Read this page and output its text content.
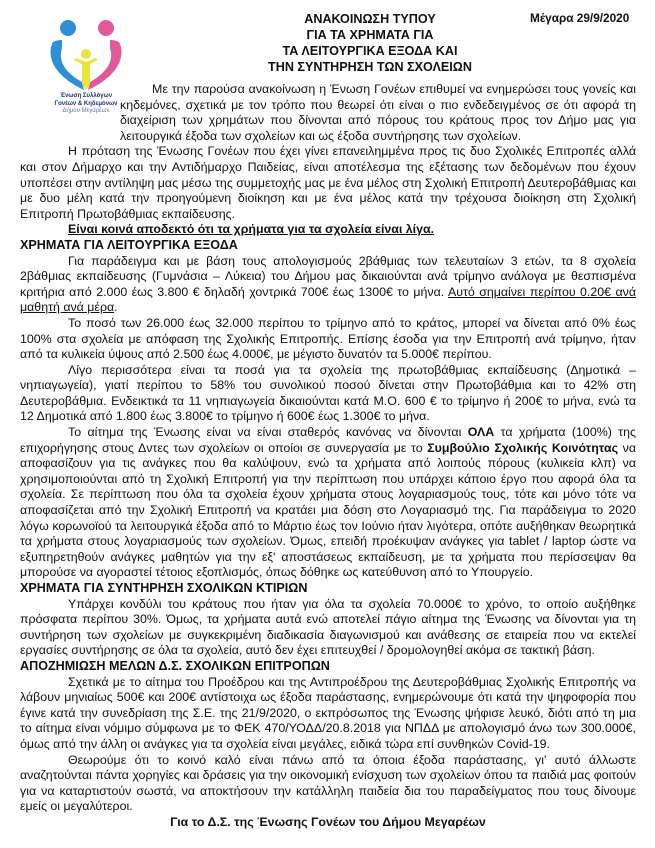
Ένωση Συλλόγων
Γονέων & Κηδεμόνων
Δήμου Μεγαρέων
ΑΝΑΚΟΙΝΩΣΗ ΤΥΠΟΥ
ΓΙΑ ΤΑ ΧΡΗΜΑΤΑ ΓΙΑ
ΤΑ ΛΕΙΤΟΥΡΓΙΚΑ ΕΞΟΔΑ ΚΑΙ
ΤΗΝ ΣΥΝΤΗΡΗΣΗ ΤΩΝ ΣΧΟΛΕΙΩΝ
Μέγαρα 29/9/2020

Με την παρούσα ανακοίνωση η Ένωση Γονέων επιθυμεί να ενημερώσει τους γονείς και κηδεμόνες, σχετικά με τον τρόπο που θεωρεί ότι είναι ο πιο ενδεδειγμένος σε ότι αφορά τη διαχείριση των χρημάτων που δίνονται από πόρους του κράτους προς τον Δήμο μας για λειτουργικά έξοδα των σχολείων και ως έξοδα συντήρησης των σχολείων.

Η πρόταση της Ένωσης Γονέων που έχει γίνει επανειλημμένα προς τις δυο Σχολικές Επιτροπές αλλά και στον Δήμαρχο και την Αντιδήμαρχο Παιδείας, είναι αποτέλεσμα της εξέτασης των δεδομένων που έχουν υποπέσει στην αντίληψη μας μέσω της συμμετοχής μας με ένα μέλος στη Σχολική Επιτροπή Δευτεροβάθμιας και με δυο μέλη κατά την προηγούμενη διοίκηση και με ένα μέλος κατά την τρέχουσα διοίκηση στη Σχολική Επιτροπή Πρωτοβάθμιας εκπαίδευσης.

Είναι κοινά αποδεκτό ότι τα χρήματα για τα σχολεία είναι λίγα.

ΧΡΗΜΑΤΑ ΓΙΑ ΛΕΙΤΟΥΡΓΙΚΑ ΕΞΟΔΑ

Για παράδειγμα και με βάση τους απολογισμούς 2βάθμιας των τελευταίων 3 ετών, τα 8 σχολεία 2βάθμιας εκπαίδευσης (Γυμνάσια – Λύκεια) του Δήμου μας δικαιούνται ανά τρίμηνο ανάλογα με θεσπισμένα κριτήρια από 2.000 έως 3.800 € δηλαδή χοντρικά 700€ έως 1300€ το μήνα. Αυτό σημαίνει περίπου 0.20€ ανά μαθητή ανά μέρα.

Το ποσό των 26.000 έως 32.000 περίπου το τρίμηνο από το κράτος, μπορεί να δίνεται από 0% έως 100% στα σχολεία με απόφαση της Σχολικής Επιτροπής. Επίσης έσοδα για την Επιτροπή ανά τρίμηνο, ήταν από τα κυλικεία ύψους από 2.500 έως 4.000€, με μέγιστο δυνατόν τα 5.000€ περίπου.

Λίγο περισσότερα είναι τα ποσά για τα σχολεία της πρωτοβάθμιας εκπαίδευσης (Δημοτικά – νηπιαγωγεία), γιατί περίπου το 58% του συνολικού ποσού δίνεται στην Πρωτοβάθμια και το 42% στη Δευτεροβάθμια. Ενδεικτικά τα 11 νηπιαγωγεία δικαιούνται κατά Μ.Ο. 600 € το τρίμηνο ή 200€ το μήνα, ενώ τα 12 Δημοτικά από 1.800 έως 3.800€ το τρίμηνο ή 600€ έως 1.300€ το μήνα.

Το αίτημα της Ένωσης είναι να είναι σταθερός κανόνας να δίνονται ΟΛΑ τα χρήματα (100%) της επιχορήγησης στους Δντες των σχολείων οι οποίοι σε συνεργασία με το Συμβούλιο Σχολικής Κοινότητας να αποφασίζουν για τις ανάγκες που θα καλύψουν, ενώ τα χρήματα από λοιπούς πόρους (κυλικεία κλπ) να χρησιμοποιούνται από τη Σχολική Επιτροπή για την περίπτωση που υπάρχει κάποιο έργο που αφορά όλα τα σχολεία. Σε περίπτωση που όλα τα σχολεία έχουν χρήματα στους λογαριασμούς τους, τότε και μόνο τότε να αποφασίζεται από την Σχολική Επιτροπή να κρατάει μια δόση στο Λογαριασμό της. Για παράδειγμα το 2020 λόγω κορωνοϊού τα λειτουργικά έξοδα από το Μάρτιο έως τον Ιούνιο ήταν λιγότερα, οπότε αυξήθηκαν θεωρητικά τα χρήματα στους λογαριασμούς των σχολείων. Όμως, επειδή προέκυψαν ανάγκες για tablet / laptop ώστε να εξυπηρετηθούν ανάγκες μαθητών για την εξ' αποστάσεως εκπαίδευση, με τα χρήματα που περίσσεψαν θα μπορούσε να αγοραστεί τέτοιος εξοπλισμός, όπως δόθηκε ως κατεύθυνση από το Υπουργείο.

ΧΡΗΜΑΤΑ ΓΙΑ ΣΥΝΤΗΡΗΣΗ ΣΧΟΛΙΚΩΝ ΚΤΙΡΙΩΝ

Υπάρχει κονδύλι του κράτους που ήταν για όλα τα σχολεία 70.000€ το χρόνο, το οποίο αυξήθηκε πρόσφατα περίπου 30%. Όμως, τα χρήματα αυτά ενώ αποτελεί πάγιο αίτημα της Ένωσης να δίνονται για τη συντήρηση των σχολείων με συγκεκριμένη διαδικασία διαγωνισμού και ανάθεσης σε εταιρεία που να εκτελεί εργασίες συντήρησης σε όλα τα σχολεία, αυτό δεν έχει επιτευχθεί / δρομολογηθεί ακόμα σε τακτική βάση.

ΑΠΟΖΗΜΙΩΣΗ ΜΕΛΩΝ Δ.Σ. ΣΧΟΛΙΚΩΝ ΕΠΙΤΡΟΠΩΝ

Σχετικά με το αίτημα του Προέδρου και της Αντιπροέδρου της Δευτεροβάθμιας Σχολικής Επιτροπής να λάβουν μηνιαίως 500€ και 200€ αντίστοιχα ως έξοδα παράστασης, ενημερώνουμε ότι κατά την ψηφοφορία που έγινε κατά την συνεδρίαση της Σ.Ε. της 21/9/2020, ο εκπρόσωπος της Ένωσης ψήφισε λευκό, διότι από τη μια το αίτημα είναι νόμιμο σύμφωνα με το ΦΕΚ 470/ΥΟΔΔ/20.8.2018 για ΝΠΔΔ με απολογισμό άνω των 300.000€, όμως από την άλλη οι ανάγκες για τα σχολεία είναι μεγάλες, ειδικά τώρα επί συνθηκών Covid-19.

Θεωρούμε ότι το κοινό καλό είναι πάνω από τα όποια έξοδα παράστασης, γι' αυτό άλλωστε αναζητούνται πάντα χορηγίες και δράσεις για την οικονομική ενίσχυση των σχολείων όπου τα παιδιά μας φοιτούν για να καταρτιστούν σωστά, να αποκτήσουν την κατάλληλη παιδεία δια του παραδείγματος που τους δίνουμε εμείς οι μεγαλύτεροι.

Για το Δ.Σ. της Ένωσης Γονέων του Δήμου Μεγαρέων
